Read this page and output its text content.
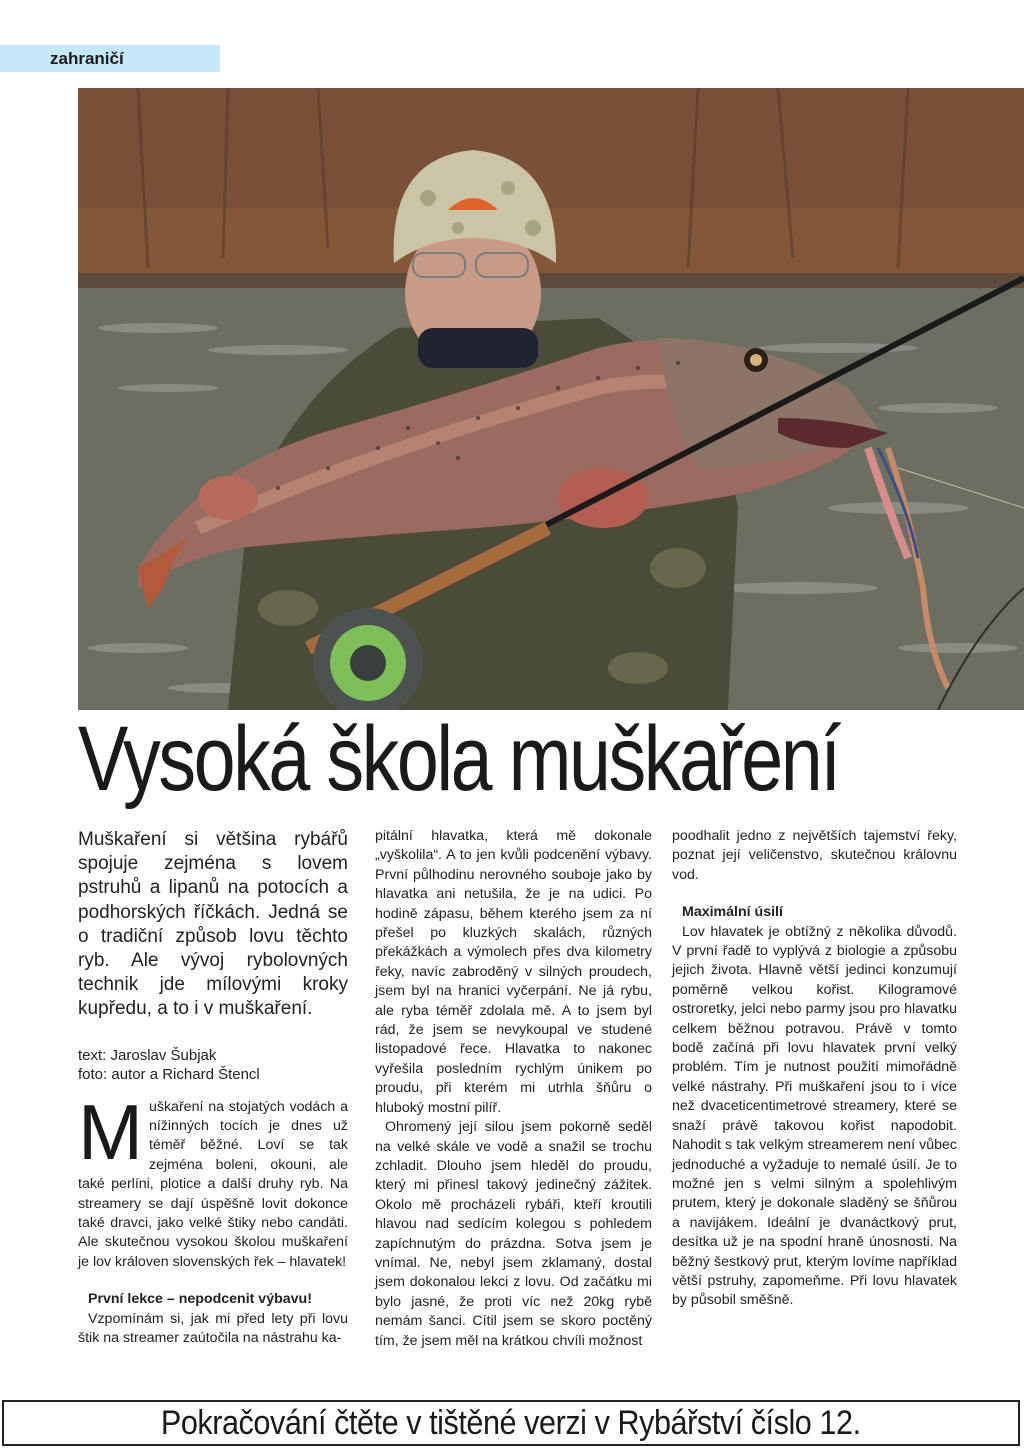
zahraničí
Vysoká škola muškaření

Muškaření si většina rybářů spojuje zejména s lovem pstruhů a lipanů na potocích a podhorských říčkách. Jedná se o tradiční způsob lovu těchto ryb. Ale vývoj rybolovných technik jde mílovými kroky kupředu, a to i v muškaření.

text: Jaroslav Šubjak
foto: autor a Richard Štencl
M uškaření na stojatých vodách a nížinných tocích je dnes už téměř běžné. Loví se tak zejména boleni, okouni, ale také perlíni, plotice a další druhy ryb. Na streamery se dají úspěšně lovit dokonce také dravci, jako velké štiky nebo candáti. Ale skutečnou vysokou školou muškaření je lov královen slovenských řek – hlavatek!

První lekce – nepodcenit výbavu!

Vzpomínám si, jak mi před lety při lovu štik na streamer zaútočila na nástrahu ka-

pitální hlavatka, která mě dokonale „vyškolila“. A to jen kvůli podcenění výbavy. První půlhodinu nerovného souboje jako by hlavatka ani netušila, že je na udici. Po hodině zápasu, během kterého jsem za ní přešel po kluzkých skalách, různých překážkách a výmolech přes dva kilometry řeky, navíc zabroděný v silných proudech, jsem byl na hranici vyčerpání. Ne já rybu, ale ryba téměř zdolala mě. A to jsem byl rád, že jsem se nevykoupal ve studené listopadové řece. Hlavatka to nakonec vyřešila posledním rychlým únikem po proudu, při kterém mi utrhla šňůru o hluboký mostní pilíř.

Ohromený její silou jsem pokorně seděl na velké skále ve vodě a snažil se trochu zchladit. Dlouho jsem hleděl do proudu, který mi přinesl takový jedinečný zážitek. Okolo mě procházeli rybáři, kteří kroutili hlavou nad sedícím kolegou s pohledem zapíchnutým do prázdna. Sotva jsem je vnímal. Ne, nebyl jsem zklamaný, dostal jsem dokonalou lekci z lovu. Od začátku mi bylo jasné, že proti víc než 20kg rybě nemám šanci. Cítil jsem se skoro poctěný tím, že jsem měl na krátkou chvíli možnost

poodhalit jedno z největších tajemství řeky, poznat její veličenstvo, skutečnou královnu vod.

Maximální úsilí

Lov hlavatek je obtížný z několika důvodů. V první řadě to vyplývá z biologie a způsobu jejich života. Hlavně větší jedinci konzumují poměrně velkou kořist. Kilogramové ostroretky, jelci nebo parmy jsou pro hlavatku celkem běžnou potravou. Právě v tomto bodě začíná při lovu hlavatek první velký problém. Tím je nutnost použití mimořádně velké nástrahy. Při muškaření jsou to i více než dvaceticentimetrové streamery, které se snaží právě takovou kořist napodobit. Nahodit s tak velkým streamerem není vůbec jednoduché a vyžaduje to nemalé úsilí. Je to možné jen s velmi silným a spolehlivým prutem, který je dokonale sladěný se šňůrou a navijákem. Ideální je dvanáctkový prut, desítka už je na spodní hraně únosnosti. Na běžný šestkový prut, kterým lovíme například větší pstruhy, zapomeňme. Při lovu hlavatek by působil směšně.

Pokračování čtěte v tištěné verzi v Rybářství číslo 12.
